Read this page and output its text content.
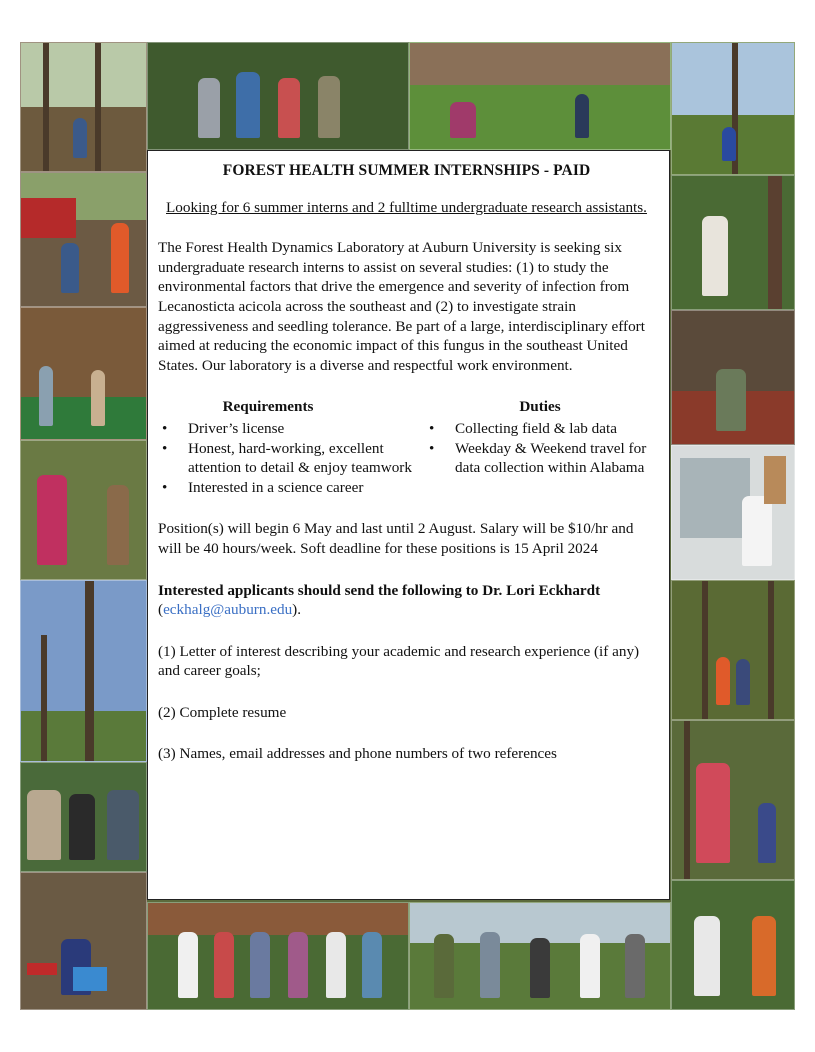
FOREST HEALTH SUMMER INTERNSHIPS - PAID
Looking for 6 summer interns and 2 fulltime undergraduate research assistants.

The Forest Health Dynamics Laboratory at Auburn University is seeking six undergraduate research interns to assist on several studies: (1) to study the environmental factors that drive the emergence and severity of infection from Lecanosticta acicola across the southeast and (2) to investigate strain aggressiveness and seedling tolerance. Be part of a large, interdisciplinary effort aimed at reducing the economic impact of this fungus in the southeast United States. Our laboratory is a diverse and respectful work environment.

Requirements
• Driver’s license
• Honest, hard-working, excellent attention to detail & enjoy teamwork
• Interested in a science career
Duties
• Collecting field & lab data
• Weekday & Weekend travel for data collection within Alabama

Position(s) will begin 6 May and last until 2 August. Salary will be $10/hr and will be 40 hours/week. Soft deadline for these positions is 15 April 2024

Interested applicants should send the following to Dr. Lori Eckhardt (eckhalg@auburn.edu).

(1) Letter of interest describing your academic and research experience (if any) and career goals;

(2) Complete resume

(3) Names, email addresses and phone numbers of two references
